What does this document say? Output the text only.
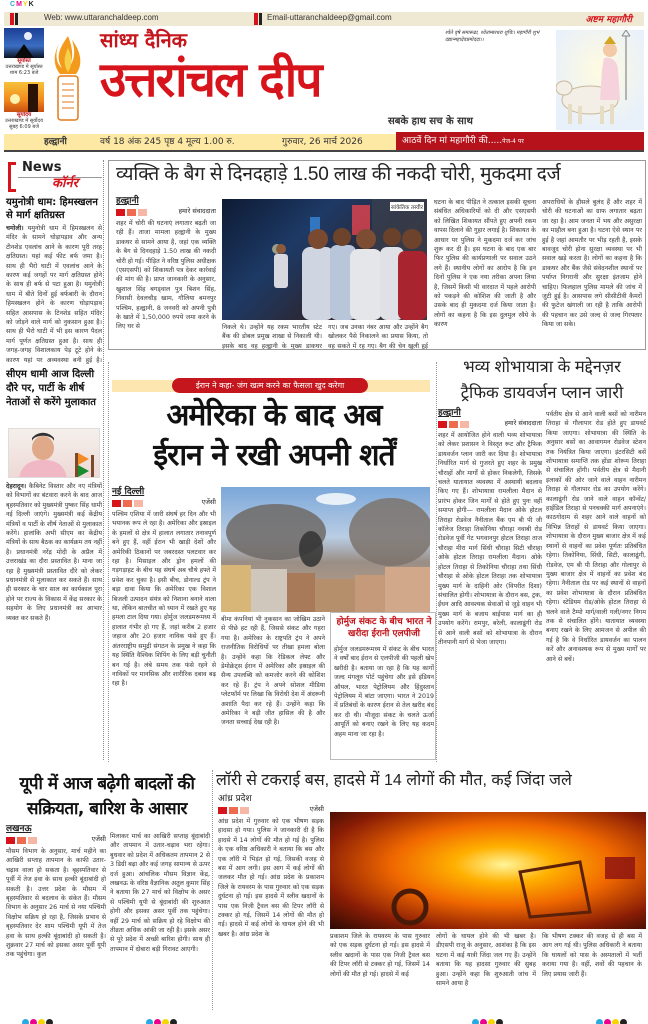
CMYK
Web: www.uttaranchaldeep.com	Email-uttaranchaldeep@gmail.com	अष्टम महागौरी
सूर्यास्त
उत्तराखण्ड में सूर्यास्त
शाम 6:23 बजे
सूर्योदय
उत्तराखण्ड में सूर्योदय
सुबह 6:09 बजे
सांध्य दैनिक
उत्तरांचल दीप
श्वेते वृषे समारूढा, श्वेताम्बरधरा शुचिः। महागौरी शुभं दद्यान्महादेवप्रमोददा।।
सबके हाथ सच के साथ
हल्द्वानी	वर्ष 18 अंक 245 पृष्ठ 4 मूल्य 1.00 रु.	गुरुवार, 26 मार्च 2026	आठवें दिन मां महागौरी की.....पेज-4 पर
News
कॉर्नर
यमुनोत्री धाम: हिमस्खलन से मार्ग क्षतिग्रस्त
चमोली। यमुनोत्री धाम में हिमस्खलन से मंदिर के सामने घोड़ापड़ाव और अन्य टीनशेड एवलांच आने के कारण पूरी तरह क्षतिग्रस्त। यहां कई फीट बर्फ जमा है। साथ ही भैरो घाटी में एवलांच आने के कारण कई जगहों पर मार्ग क्षतिग्रस्त होने के साथ ही बर्फ से पटा हुआ है। यमुनोत्री धाम में बीते दिनों हुई बर्फबारी के दौरान हिमस्खलन होने के कारण घोड़ापड़ाव सहित आसपास के टिनशेड सहित मंदिर को जोड़ने वाले मार्ग को नुकसान हुआ है। साथ ही भैरो घाटी में भी इस कारण पैदल मार्ग पूर्णत क्षतिग्रस्त हुआ है। साथ ही जगह-जगह विशालकाय पेड़ टूटे होने के कारण यहां पर अव्यवस्था बनी हुई है।
सीएम धामी आज दिल्ली दौरे पर, पार्टी के शीर्ष नेताओं से करेंगे मुलाकात
देहरादून। कैबिनेट विस्तार और नए मंत्रियों को विभागों का बंटवारा करने के बाद आज बृहस्पतिवार को मुख्यमंत्री पुष्कर सिंह धामी नई दिल्ली जाएंगे। मुख्यमंत्री कई केंद्रीय मंत्रियों व पार्टी के शीर्ष नेताओं से मुलाकात करेंगे। हालांकि अभी सीएम का केंद्रीय मंत्रियों के साथ बैठक का कार्यक्रम तय नहीं है। प्रधानमंत्री नरेंद्र मोदी के अप्रैल में उत्तराखंड का दौरा प्रस्तावित है। माना जा रहा है मुख्यमंत्री प्रस्तावित दौरे को लेकर प्रधानमंत्री से मुलाकात कर सकते हैं। साथ ही सरकार के चार साल का कार्यकाल पूरा होने पर राज्य के विकास में केंद्र सरकार के सहयोग के लिए प्रधानमंत्री का आभार व्यक्त कर सकते हैं।
व्यक्ति के बैग से दिनदहाड़े 1.50 लाख की नकदी चोरी, मुकदमा दर्ज
हल्द्वानी
हमारे संवाददाता
शहर में चोरी की घटनाएं लगातार बढ़ती जा रही हैं। ताजा मामला हल्द्वानी के मुख्य डाकघर से सामने आया है, जहां एक व्यक्ति के बैग से दिनदहाड़े 1.50 लाख की नकदी चोरी हो गई। पीड़ित ने वरिष्ठ पुलिस अधीक्षक (एसएसपी) को शिकायती पत्र देकर कार्रवाई की मांग की है। प्राप्त जानकारी के अनुसार, खुशाल सिंह बगड्वाल पुत्र बिशन सिंह, निवासी देवलचौड़ खाम, गौलिया बमनपुर पश्चिम, हल्द्वानी, 8 जनवरी को अपनी पुत्री के खाते में 1,50,000 रुपये जमा करने के लिए घर से
सांकेतिक तस्वीर
निकले थे। उन्होंने यह रकम भारतीय स्टेट बैंक की डोबल प्रमुख शाखा से निकाली थी। इसके बाद वह हल्द्वानी के मुख्य डाकघर
गए। जब उनका नंबर आया और उन्होंने बैग खोलकर पैसे निकालने का प्रयास किया, तो वह सकते में रह गए। बैग की चेन खुली हुई
घटना के बाद पीड़ित ने तत्काल इसकी सूचना संबंधित अधिकारियों को दी और एसएसपी को लिखित शिकायत सौंपते हुए अपनी रकम वापस दिलाने की गुहार लगाई है। शिकायत के आधार पर पुलिस ने मुकदमा दर्ज कर जांच शुरू कर दी है। इस घटना के बाद एक बार फिर पुलिस की कार्यप्रणाली पर सवाल उठने लगे हैं। स्थानीय लोगों का आरोप है कि इन दिनों पुलिस ने एक नया तरीका अपना लिया है, जिसमें किसी भी वारदात में पहले आरोपी को पकड़ने की कोशिश की जाती है और उसके बाद ही मुकदमा दर्ज किया जाता है। लोगों का कहना है कि इस दुलमुल रवैये के कारण
अपराधियों के हौसले बुलंद हैं और शहर में चोरी की घटनाओं का ग्राफ लगातार बढ़ता जा रहा है। आम जनता में भय और असुरक्षा का माहौल बना हुआ है। घटना ऐसे स्थान पर हुई है जहां आमतौर पर भीड़ रहती है, इसके बावजूद चोरी होना सुरक्षा व्यवस्था पर भी सवाल खड़े करता है। लोगों का कहना है कि डाकघर और बैंक जैसे संवेदनशील स्थानों पर पर्याप्त निगरानी और सुरक्षा इंतजाम होने चाहिए। फिलहाल पुलिस मामले की जांच में जुटी हुई है। आसपास लगे सीसीटीवी कैमरों की फुटेज खंगाली जा रही है ताकि आरोपी की पहचान कर उसे जल्द से जल्द गिरफ्तार किया जा सके।
ईरान ने कहा- जंग खत्म करने का फैसला खुद करेगा
अमेरिका के बाद अब
ईरान ने रखी अपनी शर्तें
नई दिल्ली
एजेंसी
पश्चिम एशिया में जारी संघर्ष हर दिन और भी भयानक रूप ले रहा है। अमेरिका और इस्राइल के हमलों से क्षेत्र में हालात लगातार तनावपूर्ण बने हुए हैं, वहीं ईरान भी खाड़ी देशों और अमेरिकी ठिकानों पर जबरदस्त पलटवार कर रहा है। मिसाइल और ड्रोन हमलों की गड़गड़ाहट के बीच यह संघर्ष अब चौथे हफ्ते में प्रवेश कर चुका है। इसी बीच, डोनाल्ड ट्रंप ने बड़ा दावा किया कि अमेरिका एक विशाल बिजली उत्पादन संयंत्र को निशाना बनाने वाला था, लेकिन बातचीत को ध्यान में रखते हुए यह हमला टाल दिया गया। होर्मुज जलडमरूमध्य में हालात गंभीर हो गए हैं, जहां करीब 2 हजार जहाज और 20 हजार नाविक फंसे हुए हैं। अंतरराष्ट्रीय समुद्री संगठन के प्रमुख ने कहा कि यह स्थिति वैश्विक शिपिंग के लिए बड़ी चुनौती बन गई है। लंबे समय तक फंसे रहने से नाविकों पर मानसिक और शारीरिक दबाव बढ़ रहा है।
बीमा कंपनियां भी नुकसान का जोखिम उठाने से पीछे हट रही हैं, जिससे संकट और गहरा गया है। अमेरिका के राष्ट्रपति ट्रंप ने अपने राजनीतिक विरोधियों पर तीखा हमला बोला है। उन्होंने कहा कि रेडिकल लेफ्ट और डेमोक्रेट्स ईरान में अमेरिका और इस्राइल की सैन्य उपलब्धि को कमजोर करने की कोशिश कर रहे हैं। ट्रंप ने अपने सोशल मीडिया प्लेटफॉर्म पर लिखा कि विरोधी देश में अंदरूनी अशांति पैदा कर रहे हैं। उन्होंने कहा कि अमेरिका ने बड़ी जीत हासिल की है और जनता सच्चाई देख रही है।
होर्मुज संकट के बीच भारत ने खरीदा ईरानी एलपीजी
होर्मुज जलडमरूमध्य में संकट के बीच भारत ने वर्षों बाद ईरान से एलपीजी की पहली खेप खरीदी है। बताया जा रहा है कि यह कार्गो जल्द मंगलूरु पोर्ट पहुंचेगा और इसे इंडियन ऑयल, भारत पेट्रोलियम और हिंदुस्तान पेट्रोलियम में बांटा जाएगा। भारत ने 2019 में प्रतिबंधों के कारण ईरान से तेल खरीद बंद कर दी थी। मौजूदा संकट के चलते ऊर्जा आपूर्ति को बनाए रखने के लिए यह कदम अहम माना जा रहा है।
भव्य शोभायात्रा के मद्देनज़र
ट्रैफिक डायवर्जन प्लान जारी
हल्द्वानी
हमारे संवाददाता
शहर में आयोजित होने वाली भव्य शोभायात्रा को लेकर प्रशासन ने विस्तृत रूट और ट्रैफिक डायवर्जन प्लान जारी कर दिया है। शोभायात्रा निर्धारित मार्ग से गुजरते हुए शहर के प्रमुख चौराहों और मार्गों से होकर निकलेगी, जिसके चलते यातायात व्यवस्था में अस्थायी बदलाव किए गए हैं। शोभायात्रा रामलीला मैदान से प्रारंभ होकर जिन मार्गों से होते हुए पुनः वहीं समाप्त होगी— रामलीला मैदान ओके होटल तिराहा रोडवेज नैनीताल बैंक एम बी पी जी कॉलेज तिराहा तिकोनिया चौराहा नवाबी रोड रोडवेज पूर्वी गेट भगवानपुर होटल तिराहा ताज चौराहा मीरा मार्ग सिंधी चौराहा सिटी चौराहा ओके होटल तिराहा रामलीला मैदान। ओके होटल तिराहा से तिकोनिया चौराहा तथा सिंधी चौराहा से ओके होटल तिराहा तक शोभायात्रा मुख्य मार्ग के दाहिनी ओर (विपरीत दिशा) संचालित होगी। शोभायात्रा के दौरान बस, ट्रक, ईंधन आदि आवश्यक सेवाओं से जुड़े वाहन भी मुख्य मार्ग के बजाय बाईपास मार्ग का ही उपयोग करेंगे। रामपुर, बरेली, कालाढूंगी रोड से आने वाली बसों को शोभायात्रा के दौरान तीनपानी मार्ग से भेजा जाएगा।
पर्वतीय क्षेत्र से आने वाली बसों को नारीमन तिराहा से गौलापार रोड होते हुए डायवर्ट किया जाएगा। शोभायात्रा की स्थिति के अनुसार बसों का आवागमन रोडवेज स्टेशन तक नियंत्रित किया जाएगा। इंटरसिटी बसें शोभायात्रा समाप्ति तक होंडा शोरूम तिराहा से संचालित होंगी। पर्वतीय क्षेत्र से मैदानी इलाकों की ओर जाने वाले वाहन नारीमन तिराहा से गौलापार रोड का उपयोग करेंगे। कालाढूंगी रोड जाने वाले वाहन कॉन्वेंट/हाईडिल तिराहा से पनचक्की मार्ग अपनाएंगे। काठगोदाम से शहर आने वाले वाहनों को विभिन्न तिराहों से डायवर्ट किया जाएगा। शोभायात्रा के दौरान मुख्य बाजार क्षेत्र में कई स्थानों से वाहनों का प्रवेश पूर्णतः प्रतिबंधित रहेगा। तिकोनिया, सिंधी, सिटी, कालाढूंगी, रोडवेज, एम बी पी तिराहा और गोलापुर से मुख्य बाजार क्षेत्र में वाहनों का प्रवेश बंद रहेगा। नैनीताल रोड पर कई स्थानों से वाहनों का प्रवेश शोभायात्रा के दौरान प्रतिबंधित रहेगा। स्टेडियम रोड/ओके होटल तिराहा से चलने वाले टैम्पो मार्ग/वाली गली/नगर निगम तक से संचालित होंगे। यातायात व्यवस्था बनाए रखने के लिए आमजन से अपील की गई है कि वे निर्धारित डायवर्जन का पालन करें और अनावश्यक रूप से मुख्य मार्गों पर आने से बचें।
यूपी में आज बढ़ेगी बादलों की सक्रियता, बारिश के आसार
लखनऊ
एजेंसी
मौसम विभाग के अनुसार, मार्च महीने का आखिरी सप्ताह तापमान के काफी उतार-चढ़ाव वाला हो सकता है। बृहस्पतिवार से पूर्वी में तेज हवा के साथ हल्की बूंदाबांदी हो सकती है। उत्तर प्रदेश के मौसम में बृहस्पतिवार से बदलाव के संकेत हैं। मौसम विभाग के अनुसार 26 मार्च से नया पश्चिमी विक्षोभ सक्रिय हो रहा है, जिसके प्रभाव से बृहस्पतिवार देर शाम पश्चिमी यूपी में तेज हवा के साथ हल्की बूंदाबांदी हो सकती है। शुक्रवार 27 मार्च को इसका असर पूर्वी यूपी तक पहुंचेगा। कुल
मिलाकर मार्च का आखिरी सप्ताह बूंदाबांदी और तापमान में उतार-चढ़ाव भरा रहेगा। बुधवार को प्रदेश में अधिकतम तापमान 2 से 3 डिग्री बढ़ा और कई जगह सामान्य से ऊपर दर्ज हुआ। आंचलिक मौसम विज्ञान केंद्र, लखनऊ के वरिष्ठ वैज्ञानिक अतुल कुमार सिंह ने बताया कि 27 मार्च को विक्षोभ के असर से पश्चिमी यूपी से बूंदाबांदी की शुरुआत होगी और इसका असर पूर्वी तक पहुंचेगा। वहीं 29 मार्च को सक्रिय हो रहे विक्षोभ की तीव्रता अधिक आंकी जा रही है। इसके असर से पूरे प्रदेश में अच्छी बारिश होगी। साथ ही तापमान में दोबारा बड़ी गिरावट आएगी।
लॉरी से टकराई बस, हादसे में 14 लोगों की मौत, कई जिंदा जले
आंध्र प्रदेश
एजेंसी
आंध्र प्रदेश में गुरुवार को एक भीषण सड़क हादसा हो गया। पुलिस ने जानकारी दी है कि हादसे में 14 लोगों की मौत हो गई है। पुलिस के एक वरिष्ठ अधिकारी ने बताया कि बस और एक लॉरी में भिड़ंत हो गई, जिसकी वजह से बस में आग लगी। इस आग में कई लोगों की जलकर मौत हो गई। आंध्र प्रदेश के प्रकाशम जिले के रायवरम के पास गुरुवार को एक सड़क दुर्घटना हो गई। इस हादसे में स्लीव खदानों के पास एक निजी ट्रैवल बस की टिपर लॉरी से टक्कर हो गई, जिसमें 14 लोगों की मौत हो गई। हादसे में कई लोगों के घायल होने की भी खबर है। आंध्र प्रदेश के	प्रकाशम जिले के रायवरम के पास गुरुवार को एक सड़क दुर्घटना हो गई। इस हादसे में स्लीव खदानों के पास एक निजी ट्रैवल बस की टिपर लॉरी से टक्कर हो गई, जिसमें 14 लोगों की मौत हो गई। हादसे में कई
लोगों के घायल होने की भी खबर है। डीएसपी राजू के अनुसार, आशंका है कि इस घटना में कई यात्री जिंदा जल गए हैं। उन्होंने बताया कि यह हादसा गुरुवार की सुबह हुआ। उन्होंने कहा कि शुरुआती जांच में सामने आया है
कि भीषण टक्कर की वजह से ही बस में आग लग गई थी। पुलिस अधिकारी ने बताया कि घायलों को पास के अस्पतालों में भर्ती कराया गया है। वहीं, शवों की पहचान के लिए प्रयास जारी हैं।
